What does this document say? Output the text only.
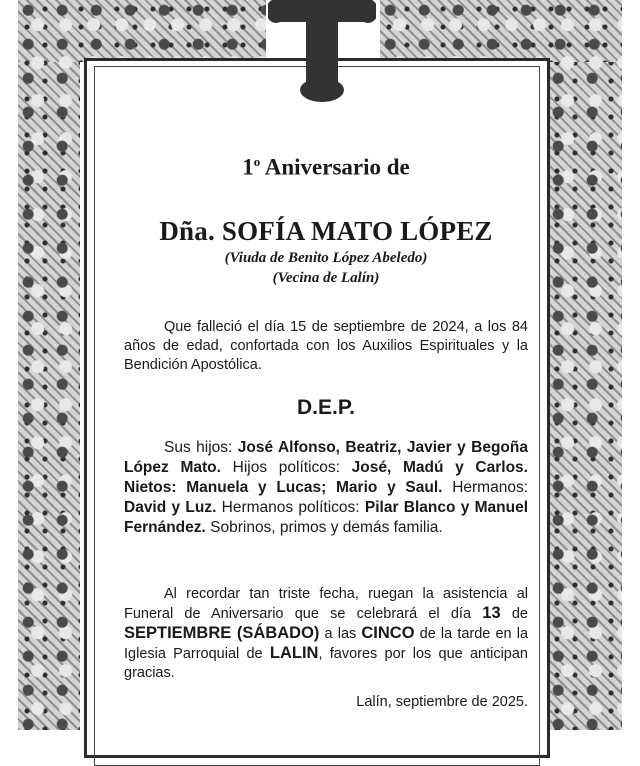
1$^o$ Aniversario de
Dña. SOFÍA MATO LÓPEZ
(Viuda de Benito López Abeledo)
(Vecina de Lalín)
Que falleció el día 15 de septiembre de 2024, a los 84 años de edad, confortada con los Auxilios Espirituales y la Bendición Apostólica.
D.E.P.
Sus hijos: José Alfonso, Beatriz, Javier y Begoña López Mato. Hijos políticos: José, Madú y Carlos. Nietos: Manuela y Lucas; Mario y Saul. Hermanos: David y Luz. Hermanos políticos: Pilar Blanco y Manuel Fernández. Sobrinos, primos y demás familia.
Al recordar tan triste fecha, ruegan la asistencia al Funeral de Aniversario que se celebrará el día 13 de SEPTIEMBRE (SÁBADO) a las CINCO de la tarde en la Iglesia Parroquial de LALIN, favores por los que anticipan gracias.
Lalín, septiembre de 2025.
